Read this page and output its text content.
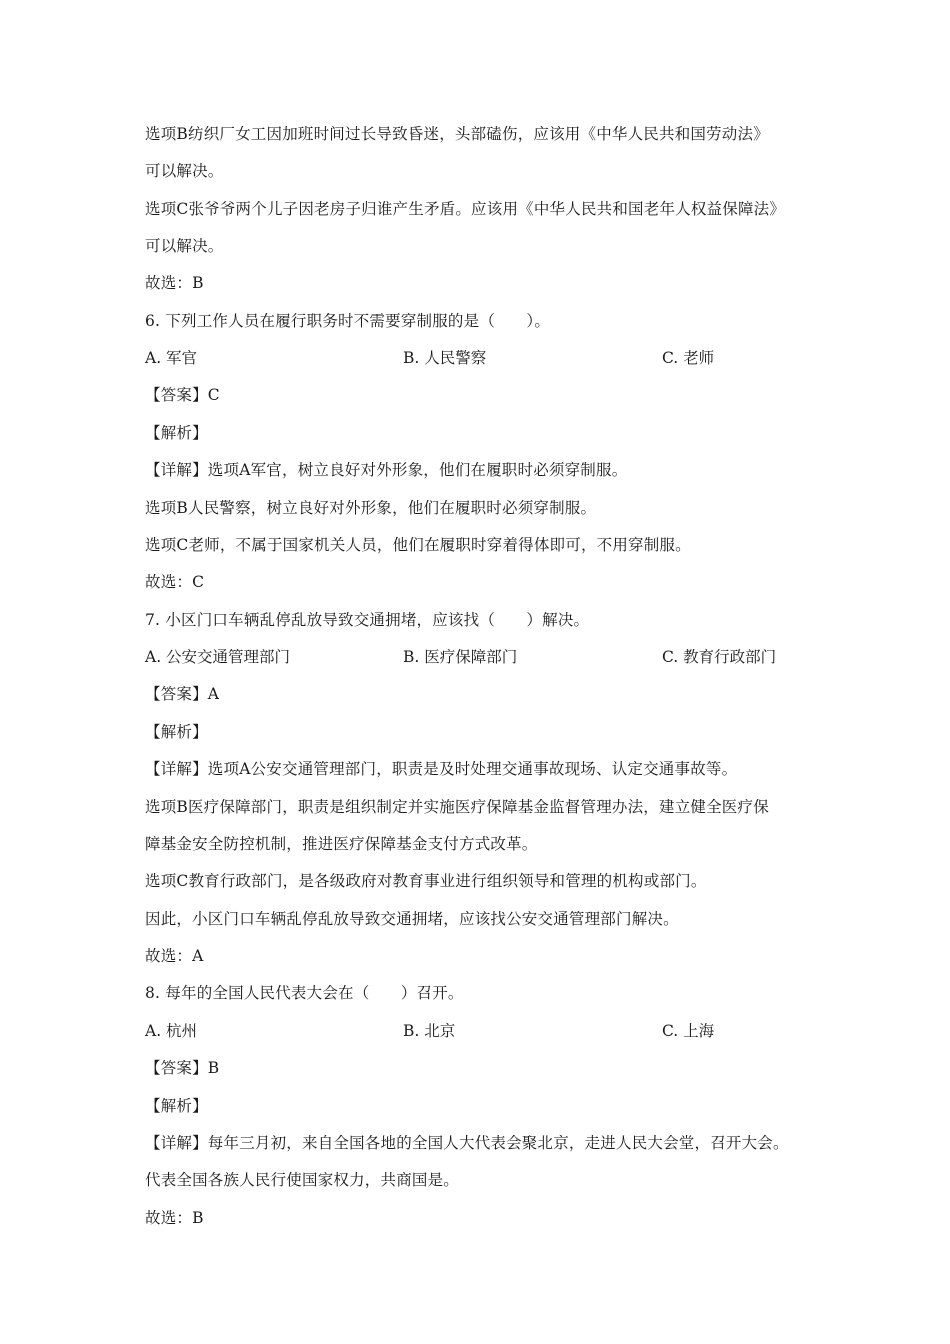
选项B纺织厂女工因加班时间过长导致昏迷，头部磕伤，应该用《中华人民共和国劳动法》
可以解决。
选项C张爷爷两个儿子因老房子归谁产生矛盾。应该用《中华人民共和国老年人权益保障法》
可以解决。
故选：B
6. 下列工作人员在履行职务时不需要穿制服的是（　　）。
A. 军官	B. 人民警察	C. 老师
【答案】C
【解析】
【详解】选项A军官，树立良好对外形象，他们在履职时必须穿制服。
选项B人民警察，树立良好对外形象，他们在履职时必须穿制服。
选项C老师，不属于国家机关人员，他们在履职时穿着得体即可，不用穿制服。
故选：C
7. 小区门口车辆乱停乱放导致交通拥堵，应该找（　　）解决。
A. 公安交通管理部门	B. 医疗保障部门	C. 教育行政部门
【答案】A
【解析】
【详解】选项A公安交通管理部门，职责是及时处理交通事故现场、认定交通事故等。
选项B医疗保障部门，职责是组织制定并实施医疗保障基金监督管理办法，建立健全医疗保
障基金安全防控机制，推进医疗保障基金支付方式改革。
选项C教育行政部门，是各级政府对教育事业进行组织领导和管理的机构或部门。
因此，小区门口车辆乱停乱放导致交通拥堵，应该找公安交通管理部门解决。
故选：A
8. 每年的全国人民代表大会在（　　）召开。
A. 杭州	B. 北京	C. 上海
【答案】B
【解析】
【详解】每年三月初，来自全国各地的全国人大代表会聚北京，走进人民大会堂，召开大会。
代表全国各族人民行使国家权力，共商国是。
故选：B
